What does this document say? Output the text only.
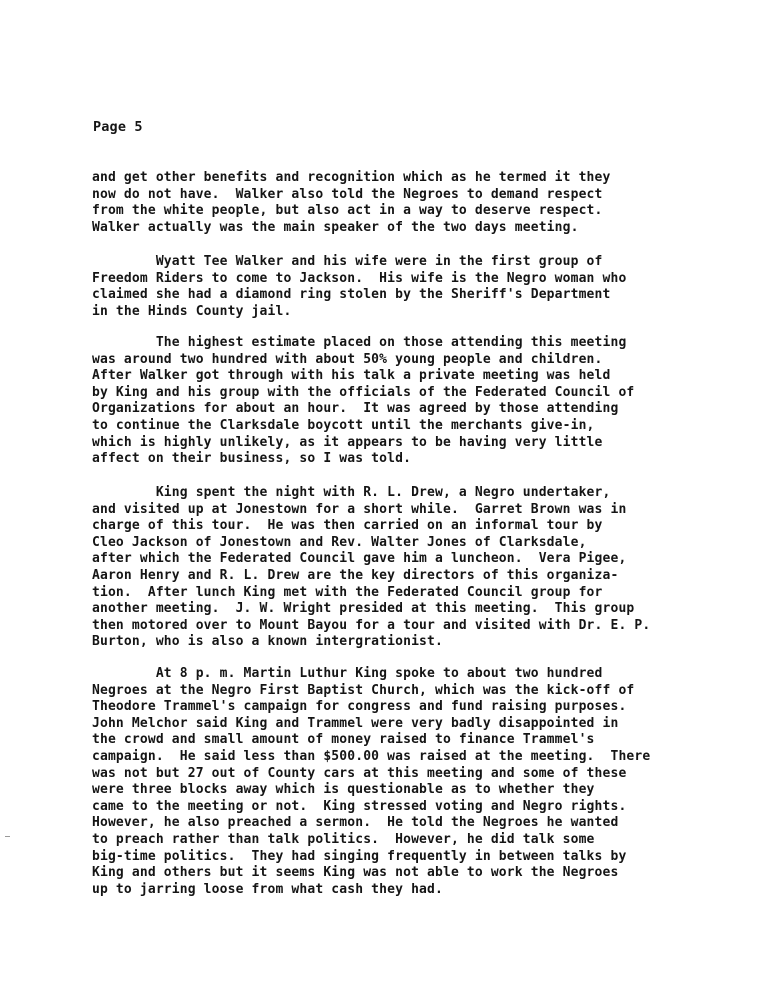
Page 5

and get other benefits and recognition which as he termed it they
now do not have.  Walker also told the Negroes to demand respect
from the white people, but also act in a way to deserve respect.
Walker actually was the main speaker of the two days meeting.

Wyatt Tee Walker and his wife were in the first group of
Freedom Riders to come to Jackson.  His wife is the Negro woman who
claimed she had a diamond ring stolen by the Sheriff's Department
in the Hinds County jail.

The highest estimate placed on those attending this meeting
was around two hundred with about 50% young people and children.
After Walker got through with his talk a private meeting was held
by King and his group with the officials of the Federated Council of
Organizations for about an hour.  It was agreed by those attending
to continue the Clarksdale boycott until the merchants give-in,
which is highly unlikely, as it appears to be having very little
affect on their business, so I was told.

King spent the night with R. L. Drew, a Negro undertaker,
and visited up at Jonestown for a short while.  Garret Brown was in
charge of this tour.  He was then carried on an informal tour by
Cleo Jackson of Jonestown and Rev. Walter Jones of Clarksdale,
after which the Federated Council gave him a luncheon.  Vera Pigee,
Aaron Henry and R. L. Drew are the key directors of this organiza-
tion.  After lunch King met with the Federated Council group for
another meeting.  J. W. Wright presided at this meeting.  This group
then motored over to Mount Bayou for a tour and visited with Dr. E. P.
Burton, who is also a known intergrationist.

At 8 p. m. Martin Luthur King spoke to about two hundred
Negroes at the Negro First Baptist Church, which was the kick-off of
Theodore Trammel's campaign for congress and fund raising purposes.
John Melchor said King and Trammel were very badly disappointed in
the crowd and small amount of money raised to finance Trammel's
campaign.  He said less than $500.00 was raised at the meeting.  There
was not but 27 out of County cars at this meeting and some of these
were three blocks away which is questionable as to whether they
came to the meeting or not.  King stressed voting and Negro rights.
However, he also preached a sermon.  He told the Negroes he wanted
to preach rather than talk politics.  However, he did talk some
big-time politics.  They had singing frequently in between talks by
King and others but it seems King was not able to work the Negroes
up to jarring loose from what cash they had.
